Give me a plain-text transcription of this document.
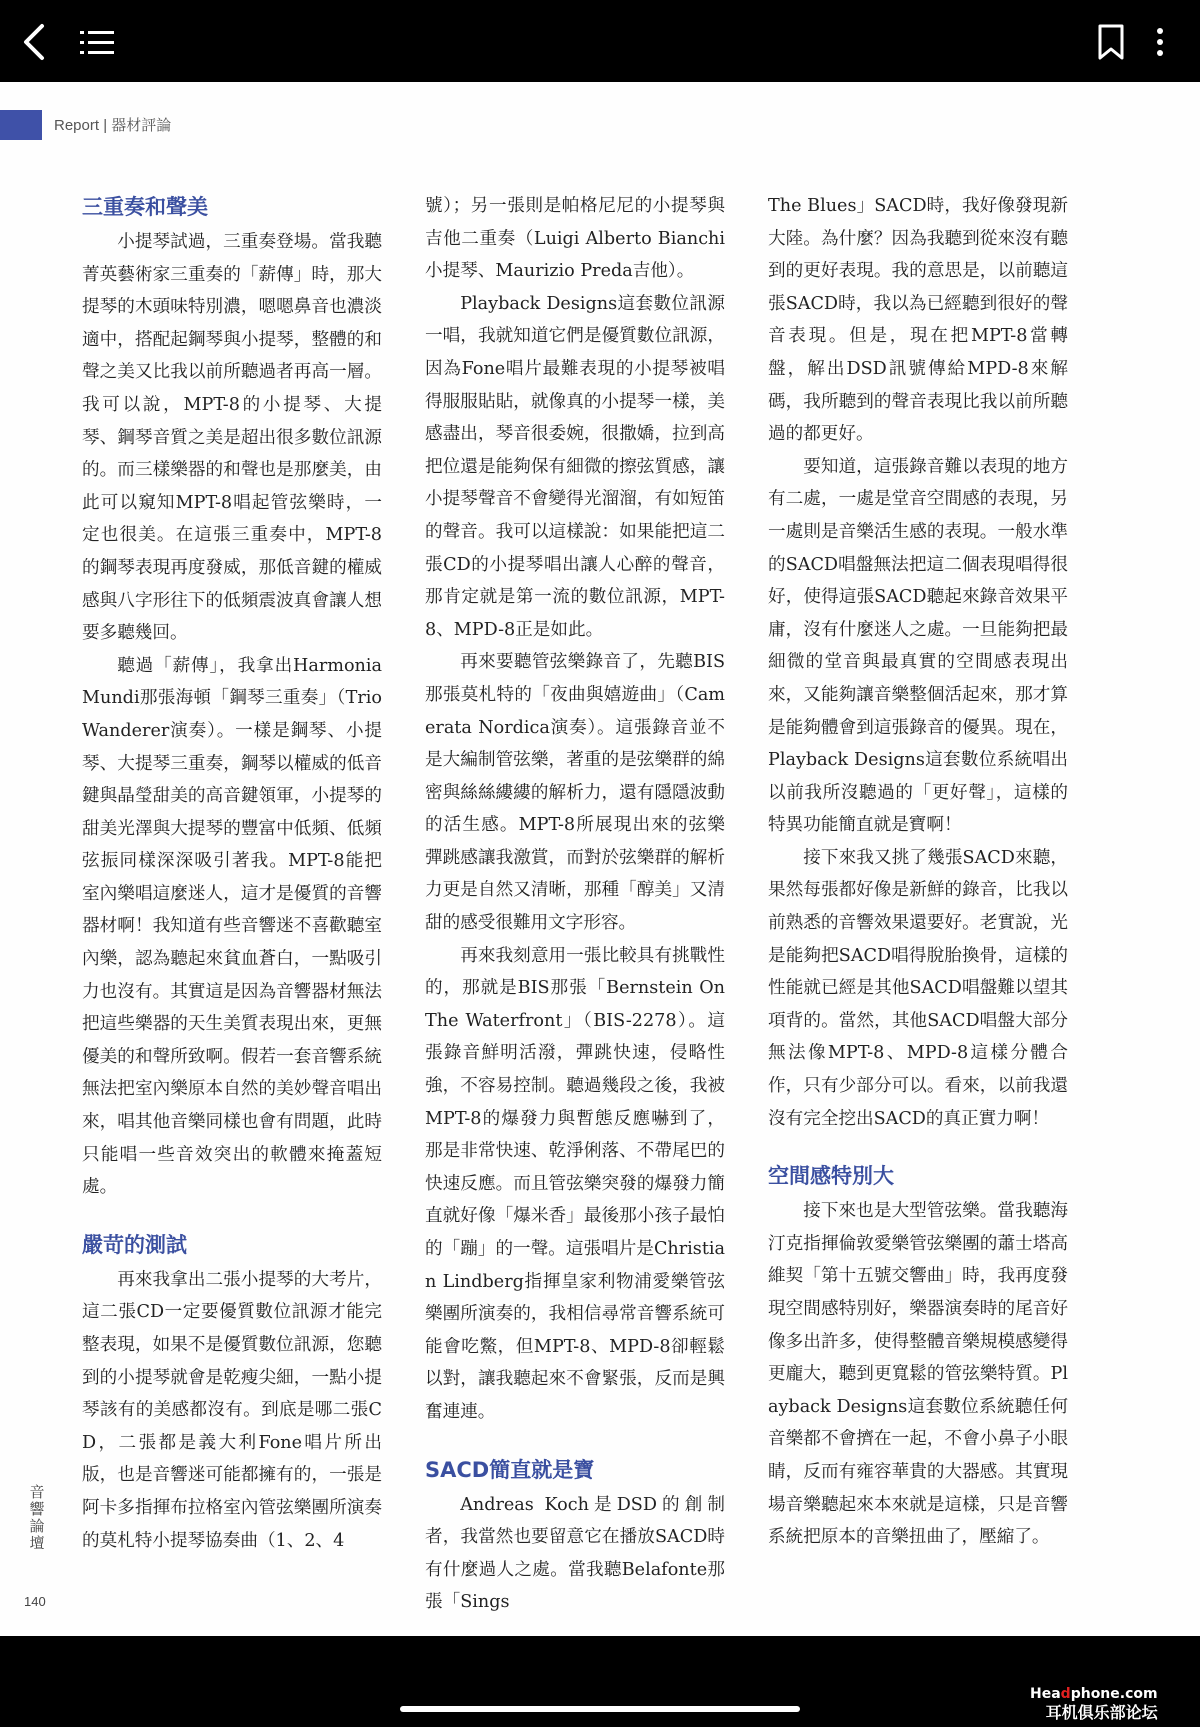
Report | 器材評論
三重奏和聲美

小提琴試過，三重奏登場。當我聽菁英藝術家三重奏的「薪傳」時，那大提琴的木頭味特別濃，嗯嗯鼻音也濃淡適中，搭配起鋼琴與小提琴，整體的和聲之美又比我以前所聽過者再高一層。我可以說，MPT-8的小提琴、大提琴、鋼琴音質之美是超出很多數位訊源的。而三樣樂器的和聲也是那麼美，由此可以窺知MPT-8唱起管弦樂時，一定也很美。在這張三重奏中，MPT-8的鋼琴表現再度發威，那低音鍵的權威感與八字形往下的低頻震波真會讓人想要多聽幾回。

聽過「薪傳」，我拿出Harmonia Mundi那張海頓「鋼琴三重奏」（Trio Wanderer演奏）。一樣是鋼琴、小提琴、大提琴三重奏，鋼琴以權威的低音鍵與晶瑩甜美的高音鍵領軍，小提琴的甜美光澤與大提琴的豐富中低頻、低頻弦振同樣深深吸引著我。MPT-8能把室內樂唱這麼迷人，這才是優質的音響器材啊！我知道有些音響迷不喜歡聽室內樂，認為聽起來貧血蒼白，一點吸引力也沒有。其實這是因為音響器材無法把這些樂器的天生美質表現出來，更無優美的和聲所致啊。假若一套音響系統無法把室內樂原本自然的美妙聲音唱出來，唱其他音樂同樣也會有問題，此時只能唱一些音效突出的軟體來掩蓋短處。

嚴苛的測試

再來我拿出二張小提琴的大考片，這二張CD一定要優質數位訊源才能完整表現，如果不是優質數位訊源，您聽到的小提琴就會是乾瘦尖細，一點小提琴該有的美感都沒有。到底是哪二張CD，二張都是義大利Fone唱片所出版，也是音響迷可能都擁有的，一張是阿卡多指揮布拉格室內管弦樂團所演奏的莫札特小提琴協奏曲（1、2、4

號）；另一張則是帕格尼尼的小提琴與吉他二重奏（Luigi Alberto Bianchi小提琴、Maurizio Preda吉他）。

Playback Designs這套數位訊源一唱，我就知道它們是優質數位訊源，因為Fone唱片最難表現的小提琴被唱得服服貼貼，就像真的小提琴一樣，美感盡出，琴音很委婉，很撒嬌，拉到高把位還是能夠保有細微的擦弦質感，讓小提琴聲音不會變得光溜溜，有如短笛的聲音。我可以這樣說：如果能把這二張CD的小提琴唱出讓人心醉的聲音，那肯定就是第一流的數位訊源，MPT-8、MPD-8正是如此。

再來要聽管弦樂錄音了，先聽BIS那張莫札特的「夜曲與嬉遊曲」（Camerata Nordica演奏）。這張錄音並不是大編制管弦樂，著重的是弦樂群的綿密與絲絲縷縷的解析力，還有隱隱波動的活生感。MPT-8所展現出來的弦樂彈跳感讓我激賞，而對於弦樂群的解析力更是自然又清晰，那種「醇美」又清甜的感受很難用文字形容。

再來我刻意用一張比較具有挑戰性的，那就是BIS那張「Bernstein On The Waterfront」（BIS-2278）。這張錄音鮮明活潑，彈跳快速，侵略性強，不容易控制。聽過幾段之後，我被MPT-8的爆發力與暫態反應嚇到了，那是非常快速、乾淨俐落、不帶尾巴的快速反應。而且管弦樂突發的爆發力簡直就好像「爆米香」最後那小孩子最怕的「蹦」的一聲。這張唱片是Christian Lindberg指揮皇家利物浦愛樂管弦樂團所演奏的，我相信尋常音響系統可能會吃鱉，但MPT-8、MPD-8卻輕鬆以對，讓我聽起來不會緊張，反而是興奮連連。

SACD簡直就是寶

Andreas Koch是DSD的創制者，我當然也要留意它在播放SACD時有什麼過人之處。當我聽Belafonte那張「Sings

The Blues」SACD時，我好像發現新大陸。為什麼？因為我聽到從來沒有聽到的更好表現。我的意思是，以前聽這張SACD時，我以為已經聽到很好的聲音表現。但是，現在把MPT-8當轉盤，解出DSD訊號傳給MPD-8來解碼，我所聽到的聲音表現比我以前所聽過的都更好。

要知道，這張錄音難以表現的地方有二處，一處是堂音空間感的表現，另一處則是音樂活生感的表現。一般水準的SACD唱盤無法把這二個表現唱得很好，使得這張SACD聽起來錄音效果平庸，沒有什麼迷人之處。一旦能夠把最細微的堂音與最真實的空間感表現出來，又能夠讓音樂整個活起來，那才算是能夠體會到這張錄音的優異。現在，Playback Designs這套數位系統唱出以前我所沒聽過的「更好聲」，這樣的特異功能簡直就是寶啊！

接下來我又挑了幾張SACD來聽，果然每張都好像是新鮮的錄音，比我以前熟悉的音響效果還要好。老實說，光是能夠把SACD唱得脫胎換骨，這樣的性能就已經是其他SACD唱盤難以望其項背的。當然，其他SACD唱盤大部分無法像MPT-8、MPD-8這樣分體合作，只有少部分可以。看來，以前我還沒有完全挖出SACD的真正實力啊！

空間感特別大

接下來也是大型管弦樂。當我聽海汀克指揮倫敦愛樂管弦樂團的蕭士塔高維契「第十五號交響曲」時，我再度發現空間感特別好，樂器演奏時的尾音好像多出許多，使得整體音樂規模感變得更龐大，聽到更寬鬆的管弦樂特質。Playback Designs這套數位系統聽任何音樂都不會擠在一起，不會小鼻子小眼睛，反而有雍容華貴的大器感。其實現場音樂聽起來本來就是這樣，只是音響系統把原本的音樂扭曲了，壓縮了。

音響論壇
140
Headphone.com
耳机俱乐部论坛
